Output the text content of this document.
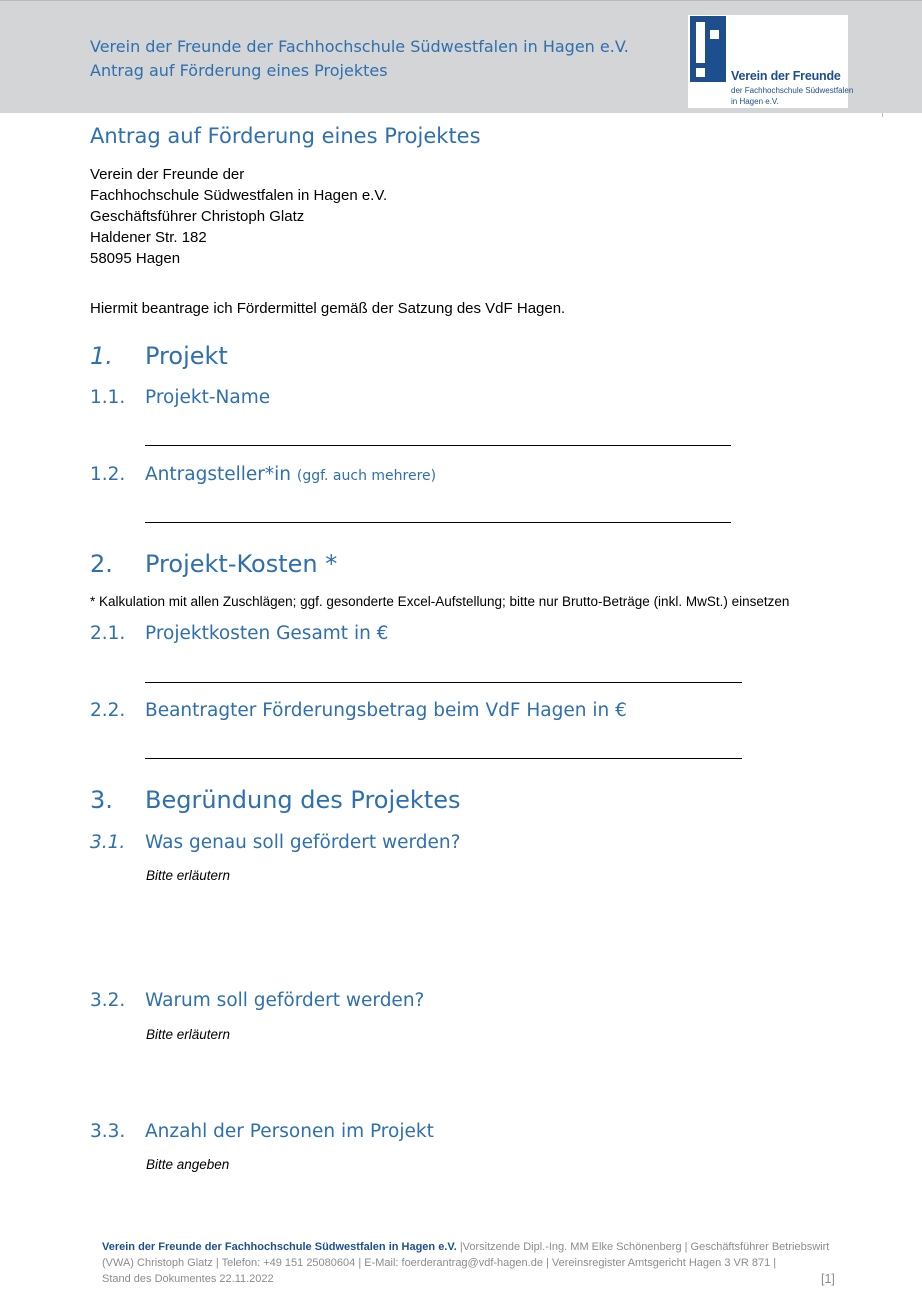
Verein der Freunde der Fachhochschule Südwestfalen in Hagen e.V.
Antrag auf Förderung eines Projektes	Verein der Freunde
der Fachhochschule Südwestfalen
in Hagen e.V.
Antrag auf Förderung eines Projektes
Verein der Freunde der
Fachhochschule Südwestfalen in Hagen e.V.
Geschäftsführer Christoph Glatz
Haldener Str. 182
58095 Hagen
Hiermit beantrage ich Fördermittel gemäß der Satzung des VdF Hagen.
1. Projekt
1.1. Projekt-Name
1.2. Antragsteller*in (ggf. auch mehrere)
2. Projekt-Kosten *
* Kalkulation mit allen Zuschlägen; ggf. gesonderte Excel-Aufstellung; bitte nur Brutto-Beträge (inkl. MwSt.) einsetzen
2.1. Projektkosten Gesamt in €
2.2. Beantragter Förderungsbetrag beim VdF Hagen in €
3. Begründung des Projektes
3.1. Was genau soll gefördert werden?
Bitte erläutern
3.2. Warum soll gefördert werden?
Bitte erläutern
3.3. Anzahl der Personen im Projekt
Bitte angeben
Verein der Freunde der Fachhochschule Südwestfalen in Hagen e.V. |Vorsitzende Dipl.-Ing. MM Elke Schönenberg | Geschäftsführer Betriebswirt (VWA) Christoph Glatz | Telefon: +49 151 25080604 | E-Mail: foerderantrag@vdf-hagen.de | Vereinsregister Amtsgericht Hagen 3 VR 871 |
Stand des Dokumentes 22.11.2022	[1]
